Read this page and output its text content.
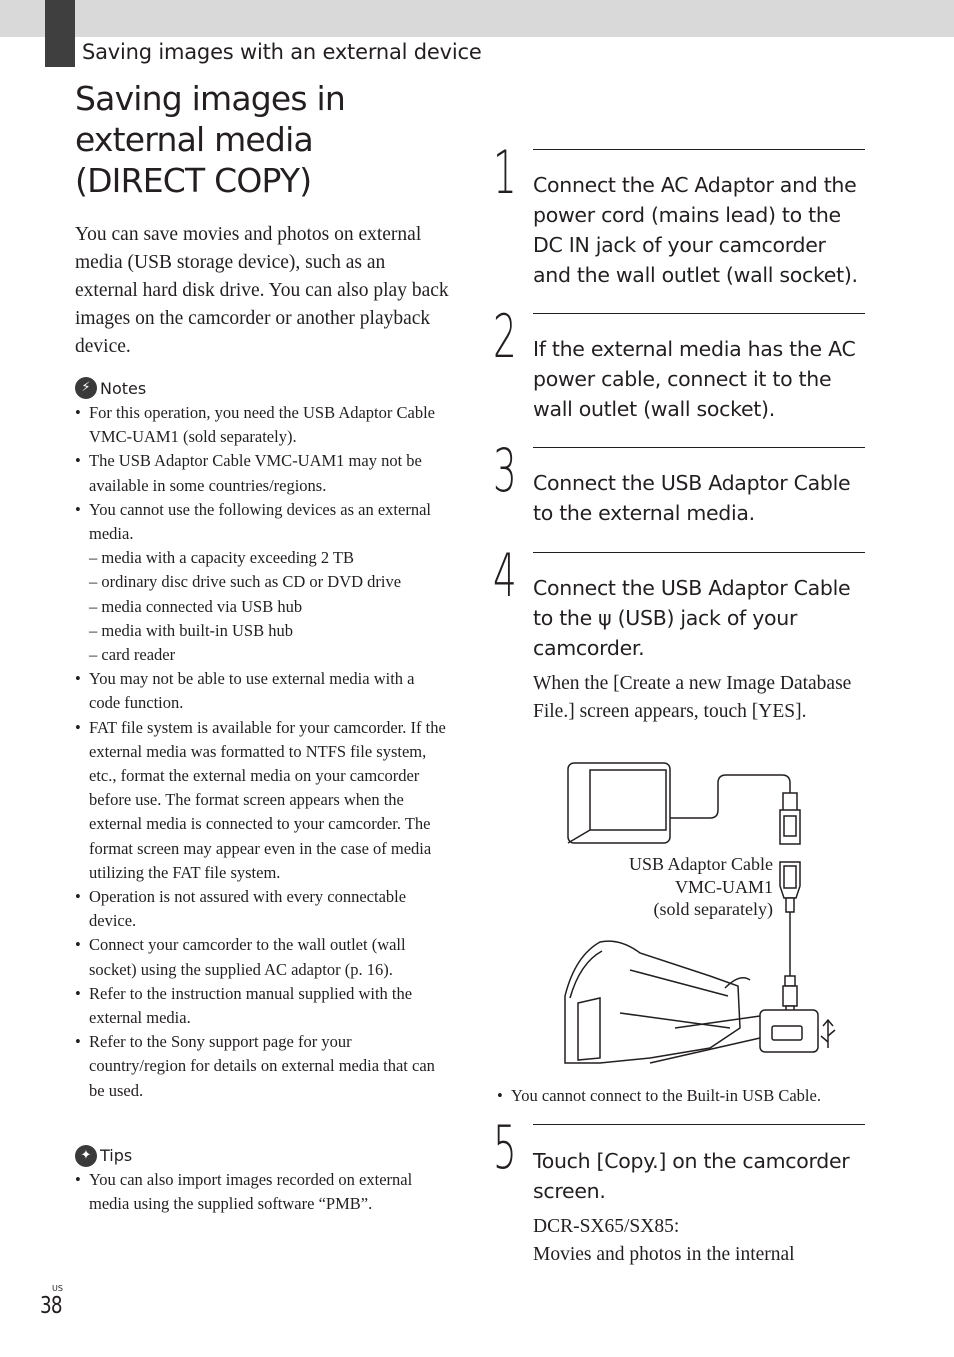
Saving images with an external device
Saving images in
external media
(DIRECT COPY)
You can save movies and photos on external media (USB storage device), such as an external hard disk drive. You can also play back images on the camcorder or another playback device.
⚡ Notes
• For this operation, you need the USB Adaptor Cable VMC-UAM1 (sold separately).
• The USB Adaptor Cable VMC-UAM1 may not be available in some countries/regions.
• You cannot use the following devices as an external media.
– media with a capacity exceeding 2 TB
– ordinary disc drive such as CD or DVD drive
– media connected via USB hub
– media with built-in USB hub
– card reader
• You may not be able to use external media with a code function.
• FAT file system is available for your camcorder. If the external media was formatted to NTFS file system, etc., format the external media on your camcorder before use. The format screen appears when the external media is connected to your camcorder. The format screen may appear even in the case of media utilizing the FAT file system.
• Operation is not assured with every connectable device.
• Connect your camcorder to the wall outlet (wall socket) using the supplied AC adaptor (p. 16).
• Refer to the instruction manual supplied with the external media.
• Refer to the Sony support page for your country/region for details on external media that can be used.
✦ Tips
• You can also import images recorded on external media using the supplied software “PMB”.
1 Connect the AC Adaptor and the power cord (mains lead) to the DC IN jack of your camcorder and the wall outlet (wall socket).
2 If the external media has the AC power cable, connect it to the wall outlet (wall socket).
3 Connect the USB Adaptor Cable to the external media.
4 Connect the USB Adaptor Cable to the ψ (USB) jack of your camcorder.
When the [Create a new Image Database File.] screen appears, touch [YES].
USB Adaptor Cable
VMC-UAM1
(sold separately)
• You cannot connect to the Built-in USB Cable.
5 Touch [Copy.] on the camcorder screen.
DCR-SX65/SX85:
Movies and photos in the internal
US
38
